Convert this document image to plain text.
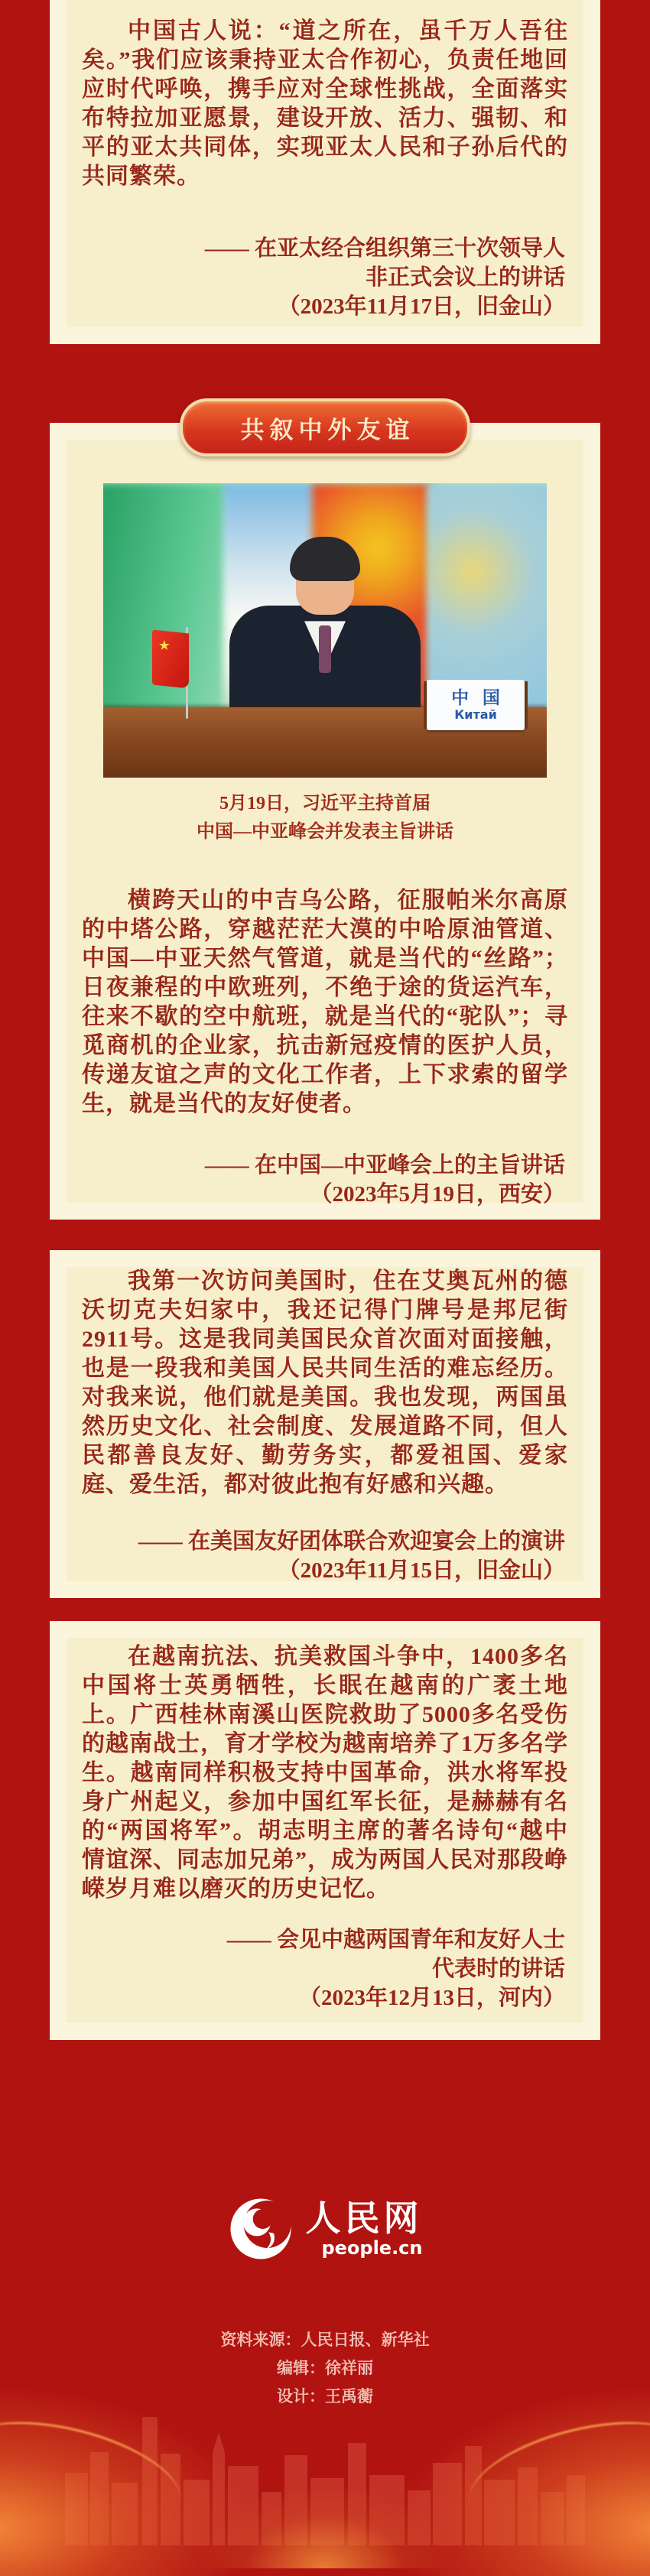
中国古人说：“道之所在，虽千万人吾往矣。”我们应该秉持亚太合作初心，负责任地回应时代呼唤，携手应对全球性挑战，全面落实布特拉加亚愿景，建设开放、活力、强韧、和平的亚太共同体，实现亚太人民和子孙后代的共同繁荣。

—— 在亚太经合组织第三十次领导人
非正式会议上的讲话
（2023年11月17日，旧金山）
共叙中外友谊
★
中 国
Китай
5月19日，习近平主持首届
中国—中亚峰会并发表主旨讲话

横跨天山的中吉乌公路，征服帕米尔高原的中塔公路，穿越茫茫大漠的中哈原油管道、中国—中亚天然气管道，就是当代的“丝路”；日夜兼程的中欧班列，不绝于途的货运汽车，往来不歇的空中航班，就是当代的“驼队”；寻觅商机的企业家，抗击新冠疫情的医护人员，传递友谊之声的文化工作者，上下求索的留学生，就是当代的友好使者。

—— 在中国—中亚峰会上的主旨讲话
（2023年5月19日，西安）

我第一次访问美国时，住在艾奥瓦州的德沃切克夫妇家中，我还记得门牌号是邦尼街2911号。这是我同美国民众首次面对面接触，也是一段我和美国人民共同生活的难忘经历。对我来说，他们就是美国。我也发现，两国虽然历史文化、社会制度、发展道路不同，但人民都善良友好、勤劳务实，都爱祖国、爱家庭、爱生活，都对彼此抱有好感和兴趣。

—— 在美国友好团体联合欢迎宴会上的演讲
（2023年11月15日，旧金山）

在越南抗法、抗美救国斗争中，1400多名中国将士英勇牺牲，长眠在越南的广袤土地上。广西桂林南溪山医院救助了5000多名受伤的越南战士，育才学校为越南培养了1万多名学生。越南同样积极支持中国革命，洪水将军投身广州起义，参加中国红军长征，是赫赫有名的“两国将军”。胡志明主席的著名诗句“越中情谊深、同志加兄弟”，成为两国人民对那段峥嵘岁月难以磨灭的历史记忆。

—— 会见中越两国青年和友好人士
代表时的讲话
（2023年12月13日，河内）
人民网
people.cn
资料来源：人民日报、新华社
编辑：徐祥丽
设计：王禹蘅
